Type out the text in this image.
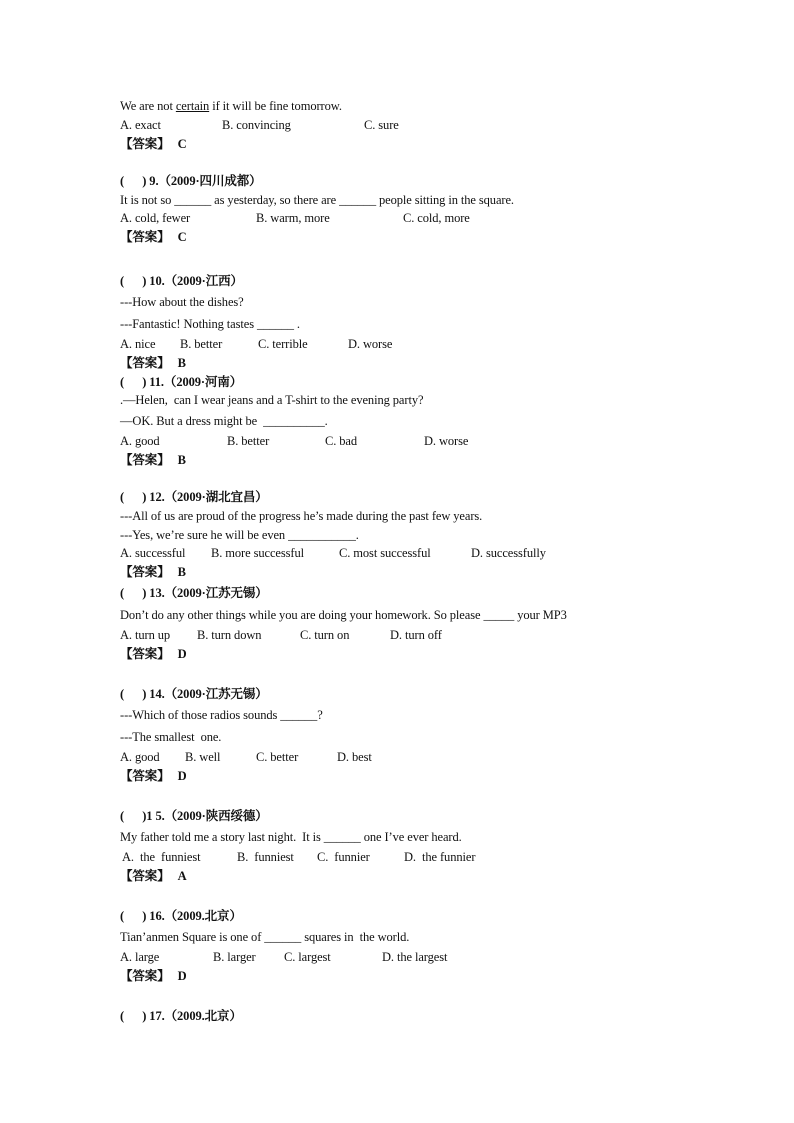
We are not certain if it will be fine tomorrow.
A. exact	B. convincing	C. sure
【答案】 C
(      ) 9.（2009·四川成都）
It is not so ______ as yesterday, so there are ______ people sitting in the square.
A. cold, fewer	B. warm, more	C. cold, more
【答案】 C
(      ) 10.（2009·江西）
---How about the dishes?
---Fantastic! Nothing tastes ______ .
A. nice B. better	C. terrible	D. worse
【答案】 B
(      ) 11.（2009·河南）
.—Helen,  can I wear jeans and a T-shirt to the evening party?
—OK. But a dress might be  __________.
A. good	B. better	C. bad	D. worse
【答案】 B
(      ) 12.（2009·湖北宜昌）
---All of us are proud of the progress he’s made during the past few years.
---Yes, we’re sure he will be even ___________.
A. successful B. more successful	C. most successful	D. successfully
【答案】 B
(      ) 13.（2009·江苏无锡）
Don’t do any other things while you are doing your homework. So please _____ your MP3
A. turn up B. turn down	C. turn on	D. turn off
【答案】 D
(      ) 14.（2009·江苏无锡）
---Which of those radios sounds ______?
---The smallest  one.
A. good B. well	C. better	D. best
【答案】 D
(      )1 5.（2009·陕西绥德）
My father told me a story last night.  It is ______ one I’ve ever heard.
A.  the  funniest	B.  funniest C.  funnier	D.  the funnier
【答案】 A
(      ) 16.（2009.北京）
Tian’anmen Square is one of ______ squares in  the world.
A. large	B. larger C. largest	D. the largest
【答案】 D
(      ) 17.（2009.北京）
